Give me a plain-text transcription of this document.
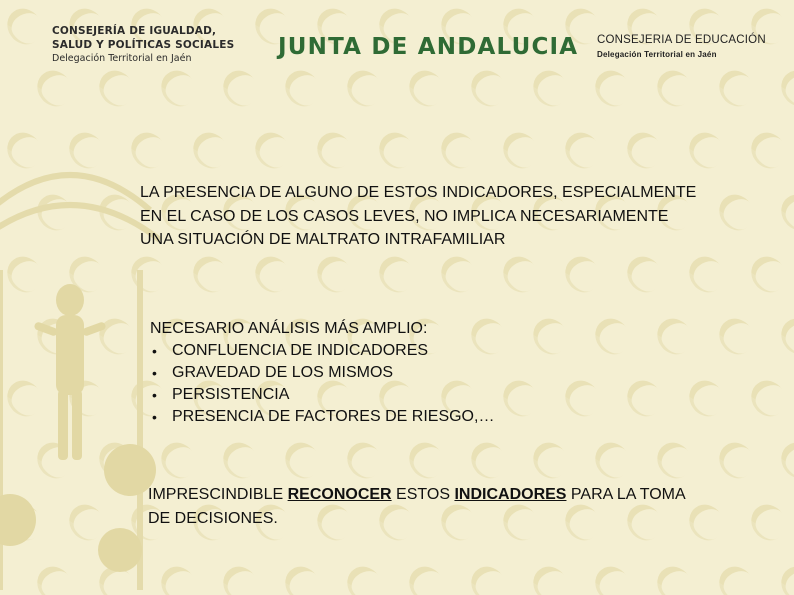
CONSEJERÍA DE IGUALDAD,
SALUD Y POLÍTICAS SOCIALES
Delegación Territorial en Jaén	JUNTA DE ANDALUCIA CONSEJERIA DE EDUCACIÓN
Delegación Territorial en Jaén
LA PRESENCIA DE ALGUNO DE ESTOS INDICADORES, ESPECIALMENTE EN EL CASO DE LOS CASOS LEVES, NO IMPLICA NECESARIAMENTE UNA SITUACIÓN DE MALTRATO INTRAFAMILIAR
NECESARIO ANÁLISIS MÁS AMPLIO:
• CONFLUENCIA DE INDICADORES
• GRAVEDAD DE LOS MISMOS
• PERSISTENCIA
• PRESENCIA DE FACTORES DE RIESGO,…
IMPRESCINDIBLE RECONOCER ESTOS INDICADORES PARA LA TOMA DE DECISIONES.
